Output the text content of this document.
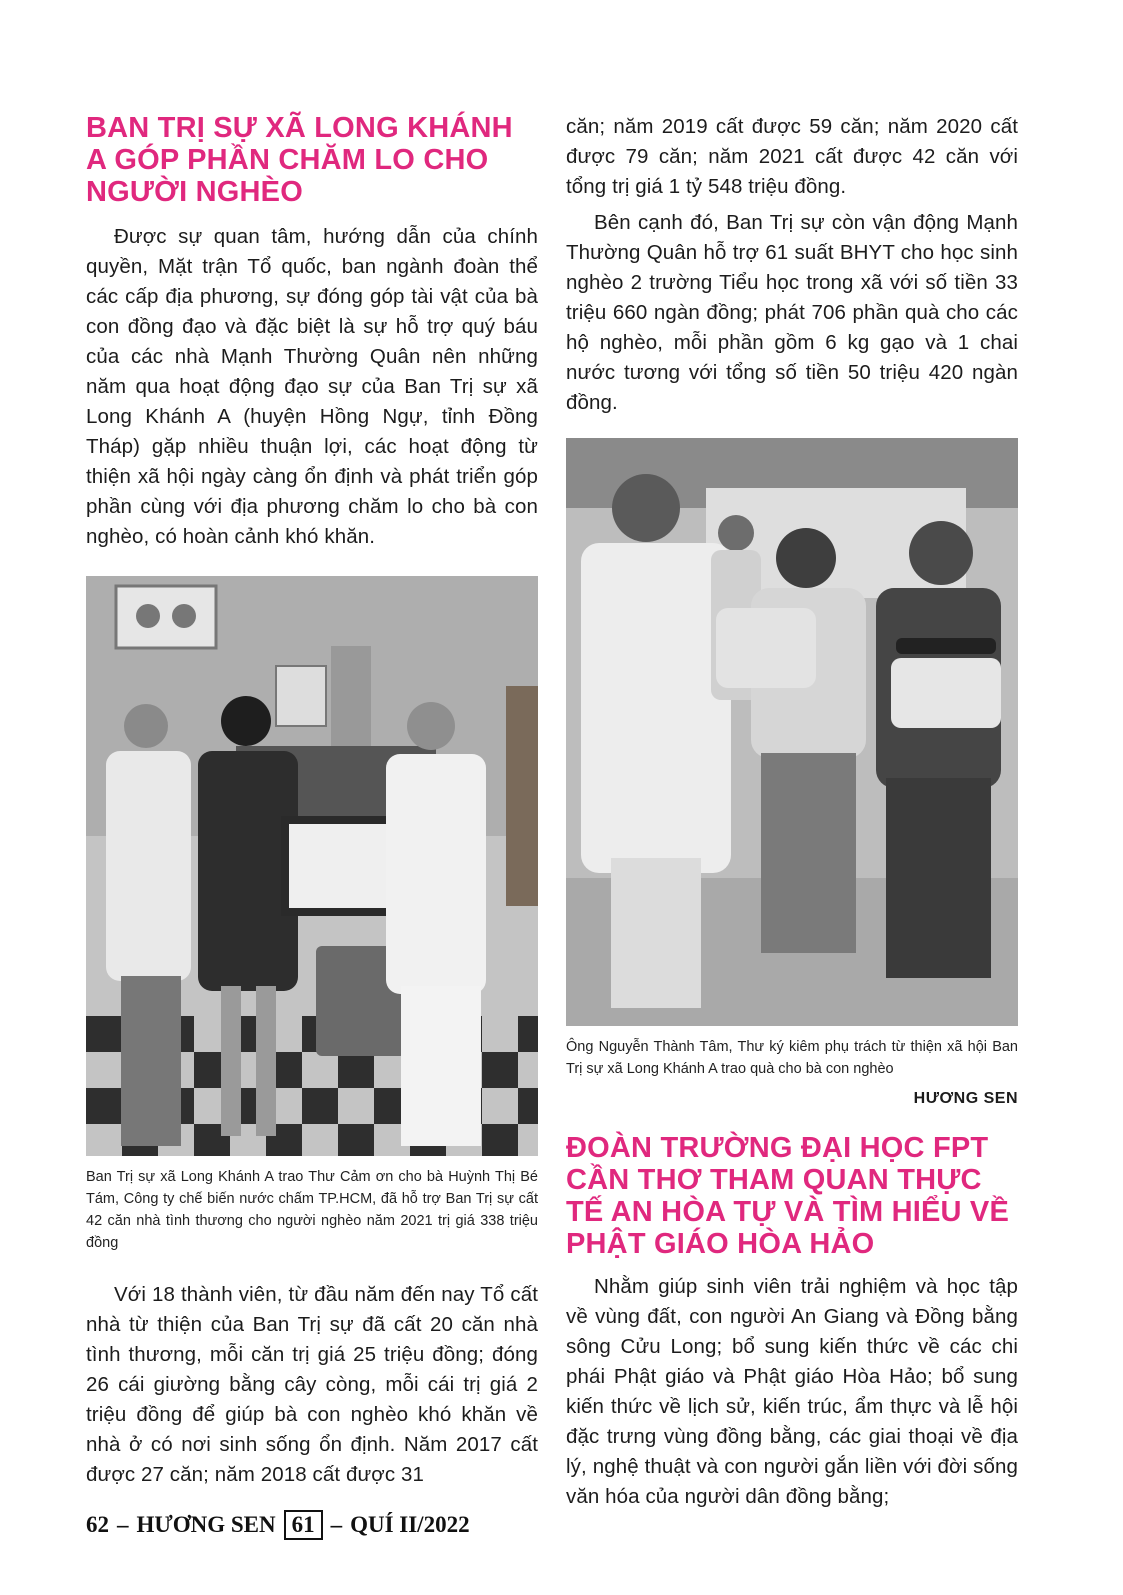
BAN TRỊ SỰ XÃ LONG KHÁNH A GÓP PHẦN CHĂM LO CHO NGƯỜI NGHÈO

Được sự quan tâm, hướng dẫn của chính quyền, Mặt trận Tổ quốc, ban ngành đoàn thể các cấp địa phương, sự đóng góp tài vật của bà con đồng đạo và đặc biệt là sự hỗ trợ quý báu của các nhà Mạnh Thường Quân nên những năm qua hoạt động đạo sự của Ban Trị sự xã Long Khánh A (huyện Hồng Ngự, tỉnh Đồng Tháp) gặp nhiều thuận lợi, các hoạt động từ thiện xã hội ngày càng ổn định và phát triển góp phần cùng với địa phương chăm lo cho bà con nghèo, có hoàn cảnh khó khăn.

Ban Trị sự xã Long Khánh A trao Thư Cảm ơn cho bà Huỳnh Thị Bé Tám, Công ty chế biến nước chấm TP.HCM, đã hỗ trợ Ban Trị sự cất 42 căn nhà tình thương cho người nghèo năm 2021 trị giá 338 triệu đồng

Với 18 thành viên, từ đầu năm đến nay Tổ cất nhà từ thiện của Ban Trị sự đã cất 20 căn nhà tình thương, mỗi căn trị giá 25 triệu đồng; đóng 26 cái giường bằng cây còng, mỗi cái trị giá 2 triệu đồng để giúp bà con nghèo khó khăn về nhà ở có nơi sinh sống ổn định. Năm 2017 cất được 27 căn; năm 2018 cất được 31

căn; năm 2019 cất được 59 căn; năm 2020 cất được 79 căn; năm 2021 cất được 42 căn với tổng trị giá 1 tỷ 548 triệu đồng.

Bên cạnh đó, Ban Trị sự còn vận động Mạnh Thường Quân hỗ trợ 61 suất BHYT cho học sinh nghèo 2 trường Tiểu học trong xã với số tiền 33 triệu 660 ngàn đồng; phát 706 phần quà cho các hộ nghèo, mỗi phần gồm 6 kg gạo và 1 chai nước tương với tổng số tiền 50 triệu 420 ngàn đồng.

Ông Nguyễn Thành Tâm, Thư ký kiêm phụ trách từ thiện xã hội Ban Trị sự xã Long Khánh A trao quà cho bà con nghèo

HƯƠNG SEN

ĐOÀN TRƯỜNG ĐẠI HỌC FPT CẦN THƠ THAM QUAN THỰC TẾ AN HÒA TỰ VÀ TÌM HIỂU VỀ PHẬT GIÁO HÒA HẢO

Nhằm giúp sinh viên trải nghiệm và học tập về vùng đất, con người An Giang và Đồng bằng sông Cửu Long; bổ sung kiến thức về các chi phái Phật giáo và Phật giáo Hòa Hảo; bổ sung kiến thức về lịch sử, kiến trúc, ẩm thực và lễ hội đặc trưng vùng đồng bằng, các giai thoại về địa lý, nghệ thuật và con người gắn liền với đời sống văn hóa của người dân đồng bằng;

62 – HƯƠNG SEN 61 – QUÍ II/2022
